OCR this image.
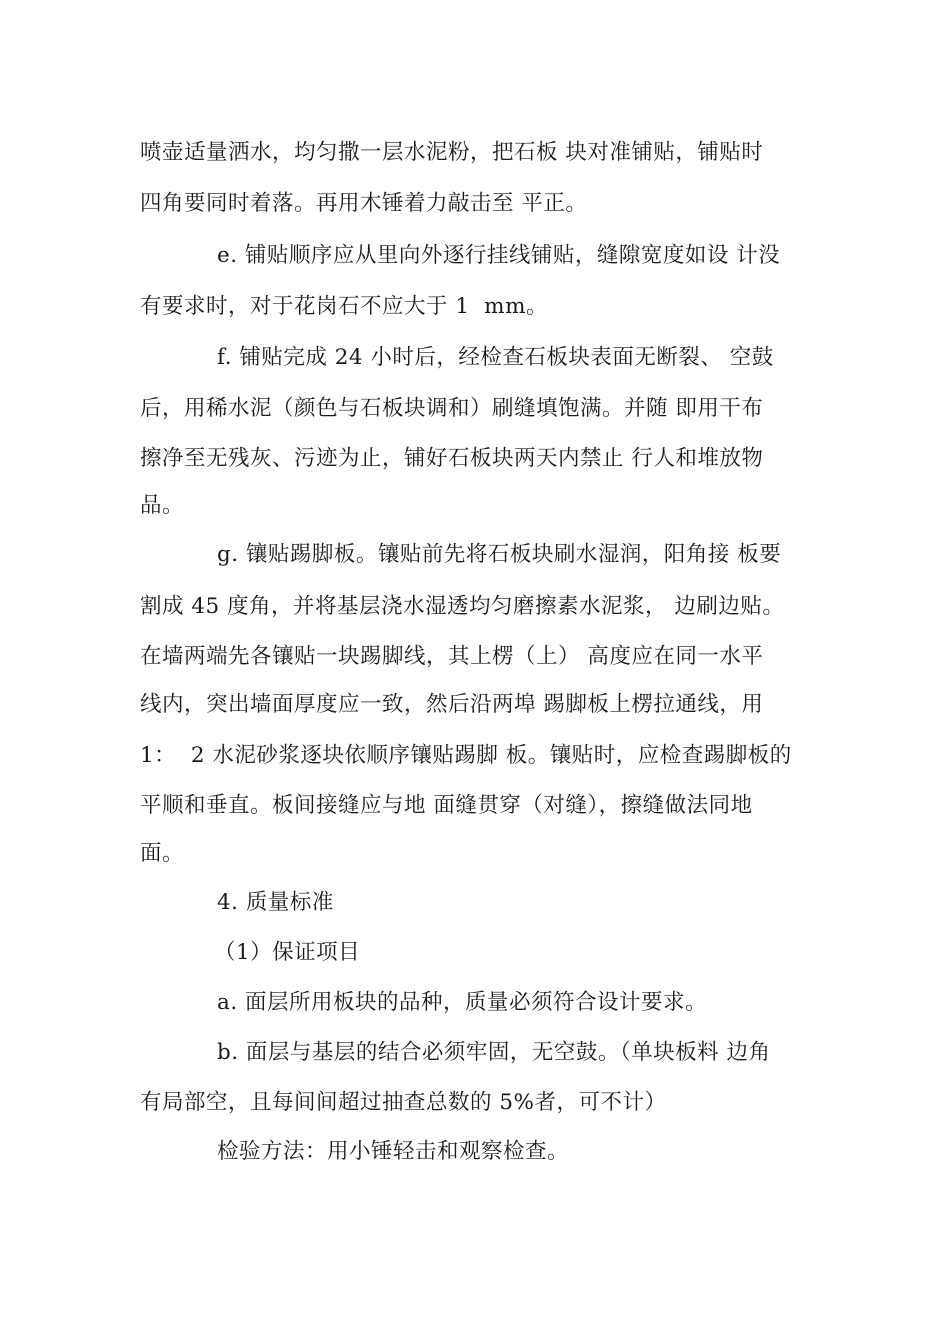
喷壶适量洒水，均匀撒一层水泥粉，把石板 块对准铺贴，铺贴时
四角要同时着落。再用木锤着力敲击至 平正。
e. 铺贴顺序应从里向外逐行挂线铺贴，缝隙宽度如设 计没
有要求时，对于花岗石不应大于 1  mm。
f. 铺贴完成 24 小时后，经检查石板块表面无断裂、 空鼓
后，用稀水泥（颜色与石板块调和）刷缝填饱满。并随 即用干布
擦净至无残灰、污迹为止，铺好石板块两天内禁止 行人和堆放物
品。
g. 镶贴踢脚板。镶贴前先将石板块刷水湿润，阳角接 板要
割成 45 度角，并将基层浇水湿透均匀磨擦素水泥浆， 边刷边贴。
在墙两端先各镶贴一块踢脚线，其上楞（上） 高度应在同一水平
线内，突出墙面厚度应一致，然后沿两埠 踢脚板上楞拉通线，用
1：  2 水泥砂浆逐块依顺序镶贴踢脚 板。镶贴时，应检查踢脚板的
平顺和垂直。板间接缝应与地 面缝贯穿（对缝），擦缝做法同地
面。
4. 质量标准
（1）保证项目
a. 面层所用板块的品种，质量必须符合设计要求。
b. 面层与基层的结合必须牢固，无空鼓。（单块板料 边角
有局部空，且每间间超过抽查总数的 5%者，可不计）
检验方法：用小锤轻击和观察检查。
